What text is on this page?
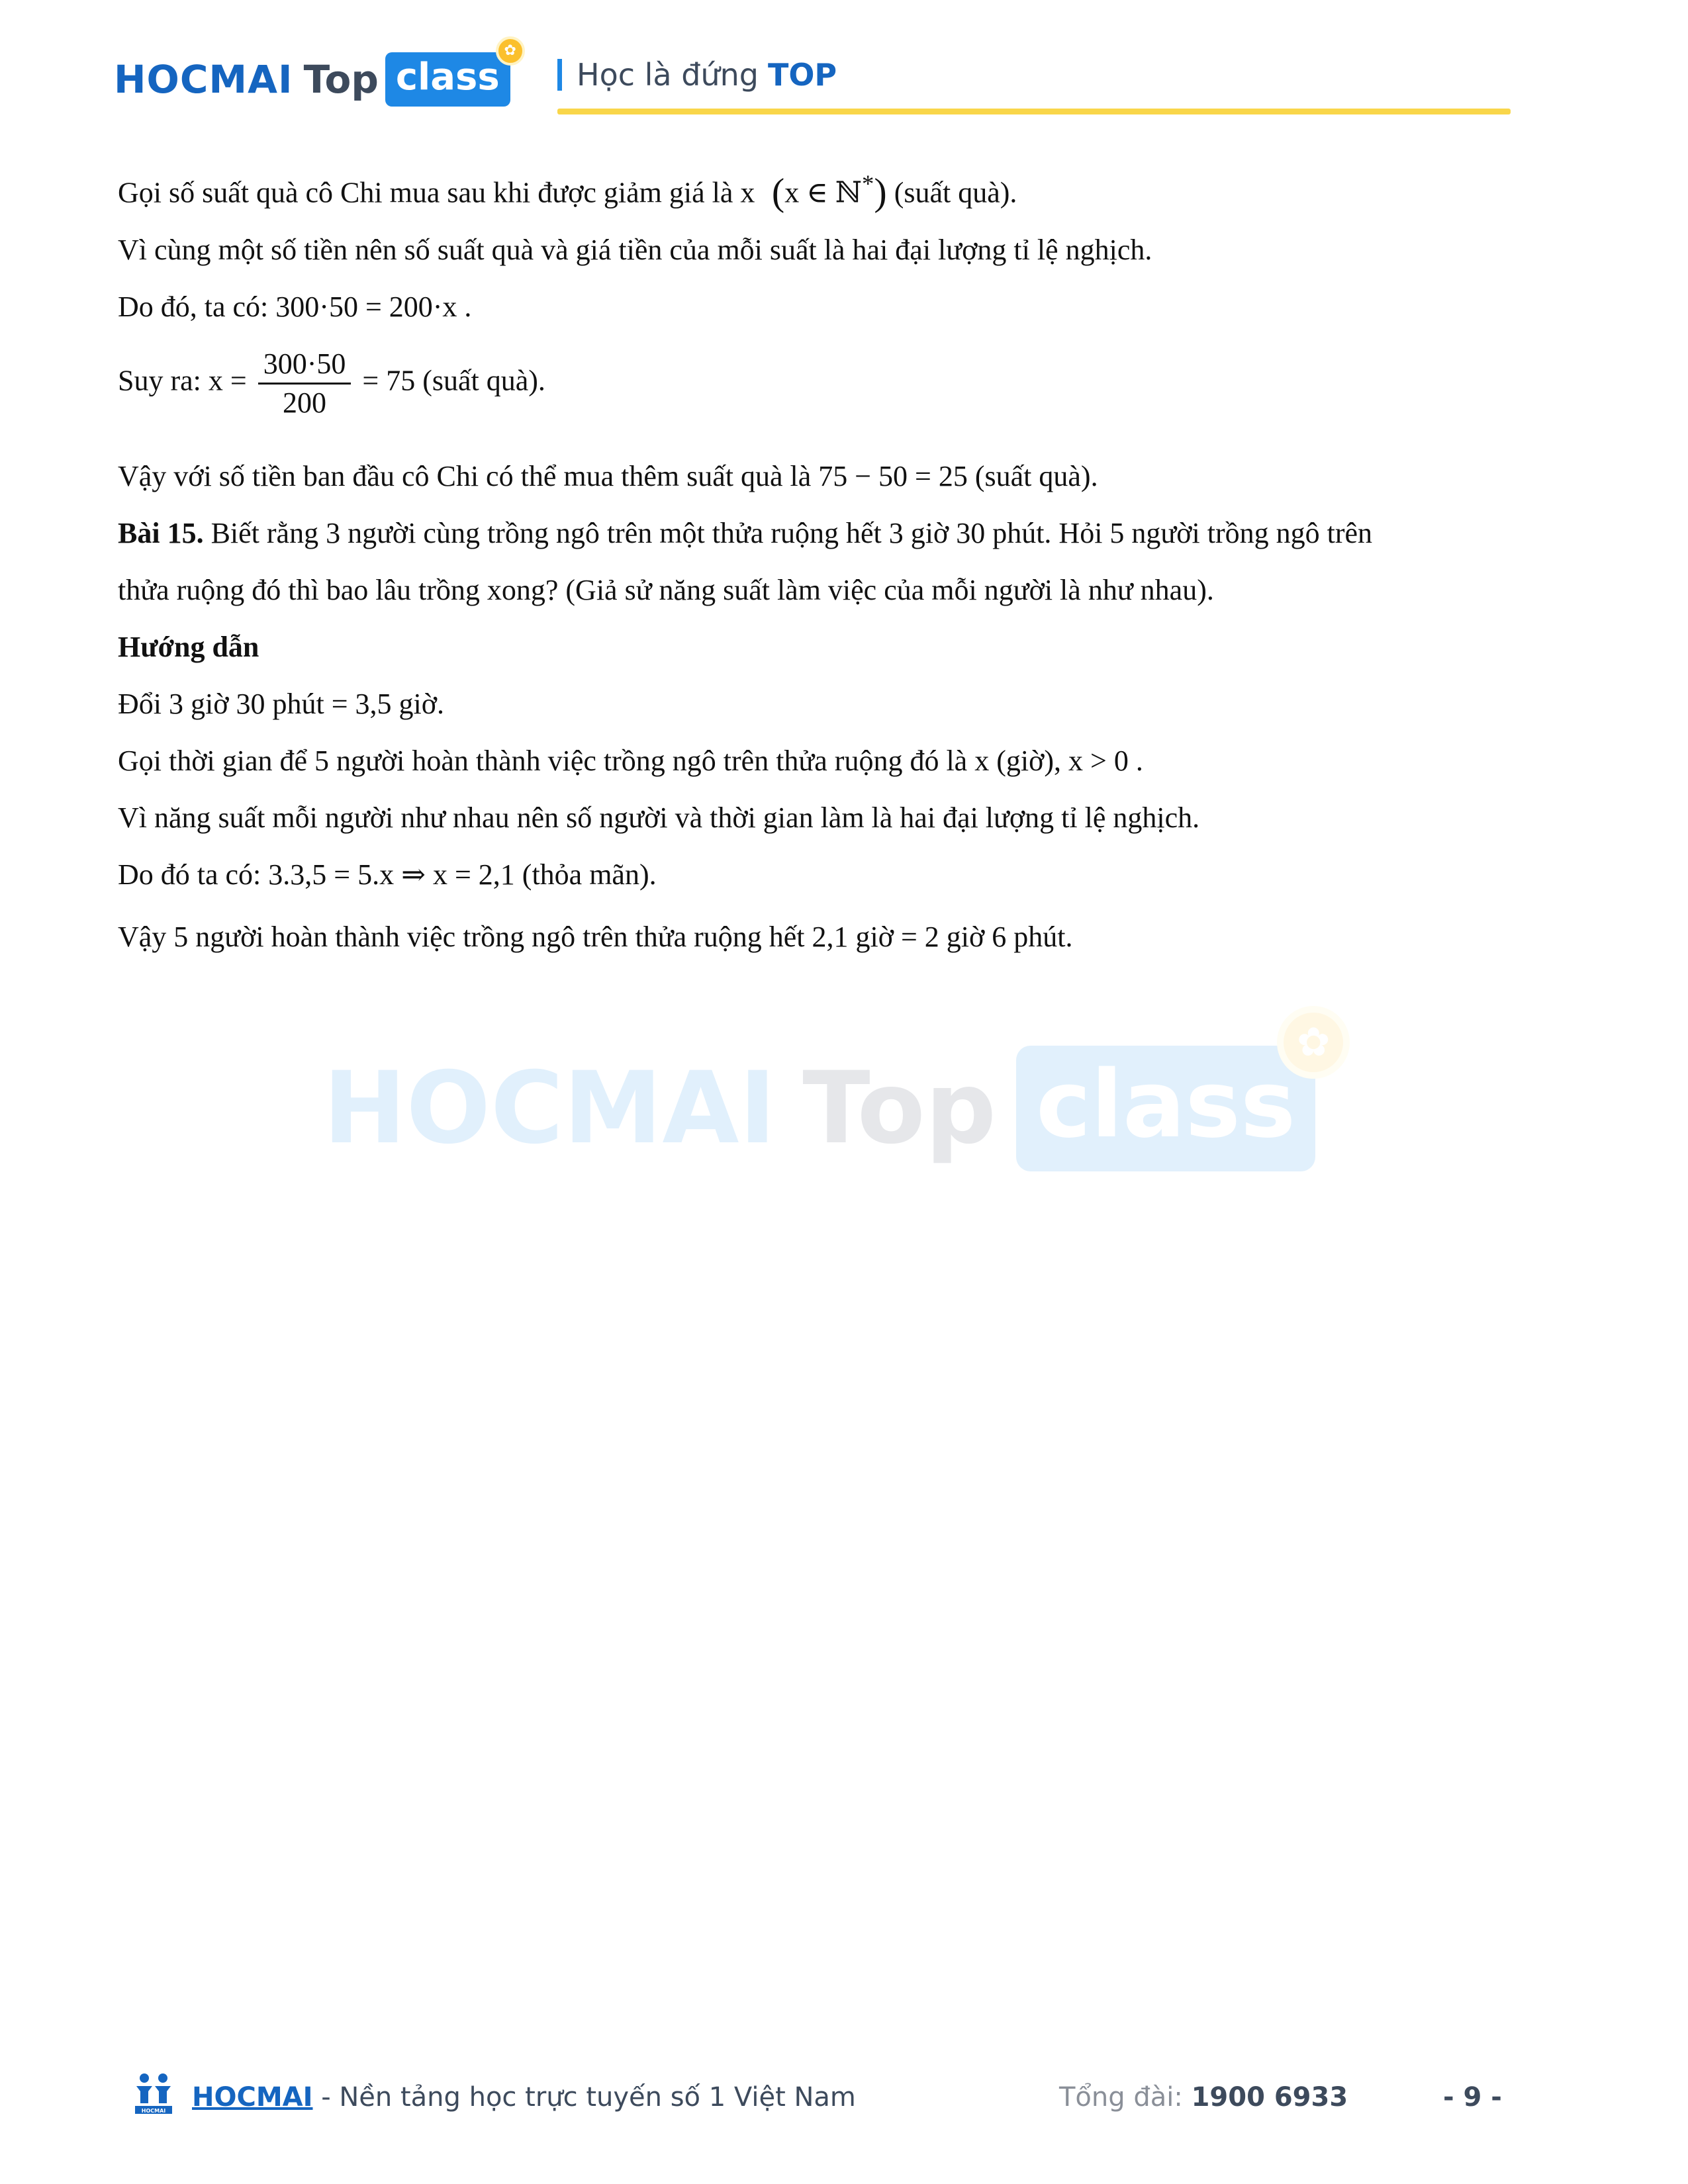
HOCMAI Top class
✿
Học là đứng TOP
Gọi số suất quà cô Chi mua sau khi được giảm giá là x  (x ∈ ℕ*) (suất quà).
Vì cùng một số tiền nên số suất quà và giá tiền của mỗi suất là hai đại lượng tỉ lệ nghịch.
Do đó, ta có: 300·50 = 200·x .
Suy ra: $x = \frac{300\cdot 50}{200} = 75$ (suất quà).
Vậy với số tiền ban đầu cô Chi có thể mua thêm suất quà là 75 − 50 = 25 (suất quà).
Bài 15. Biết rằng 3 người cùng trồng ngô trên một thửa ruộng hết 3 giờ 30 phút. Hỏi 5 người trồng ngô trên
thửa ruộng đó thì bao lâu trồng xong? (Giả sử năng suất làm việc của mỗi người là như nhau).
Hướng dẫn
Đổi 3 giờ 30 phút = 3,5 giờ.
Gọi thời gian để 5 người hoàn thành việc trồng ngô trên thửa ruộng đó là x (giờ), x > 0 .
Vì năng suất mỗi người như nhau nên số người và thời gian làm là hai đại lượng tỉ lệ nghịch.
Do đó ta có: 3.3,5 = 5.x ⇒ x = 2,1 (thỏa mãn).
Vậy 5 người hoàn thành việc trồng ngô trên thửa ruộng hết 2,1 giờ = 2 giờ 6 phút.
HOCMAI Top class
✿
HOCMAI HOCMAI - Nền tảng học trực tuyến số 1 Việt Nam	Tổng đài: 1900 6933	- 9 -
